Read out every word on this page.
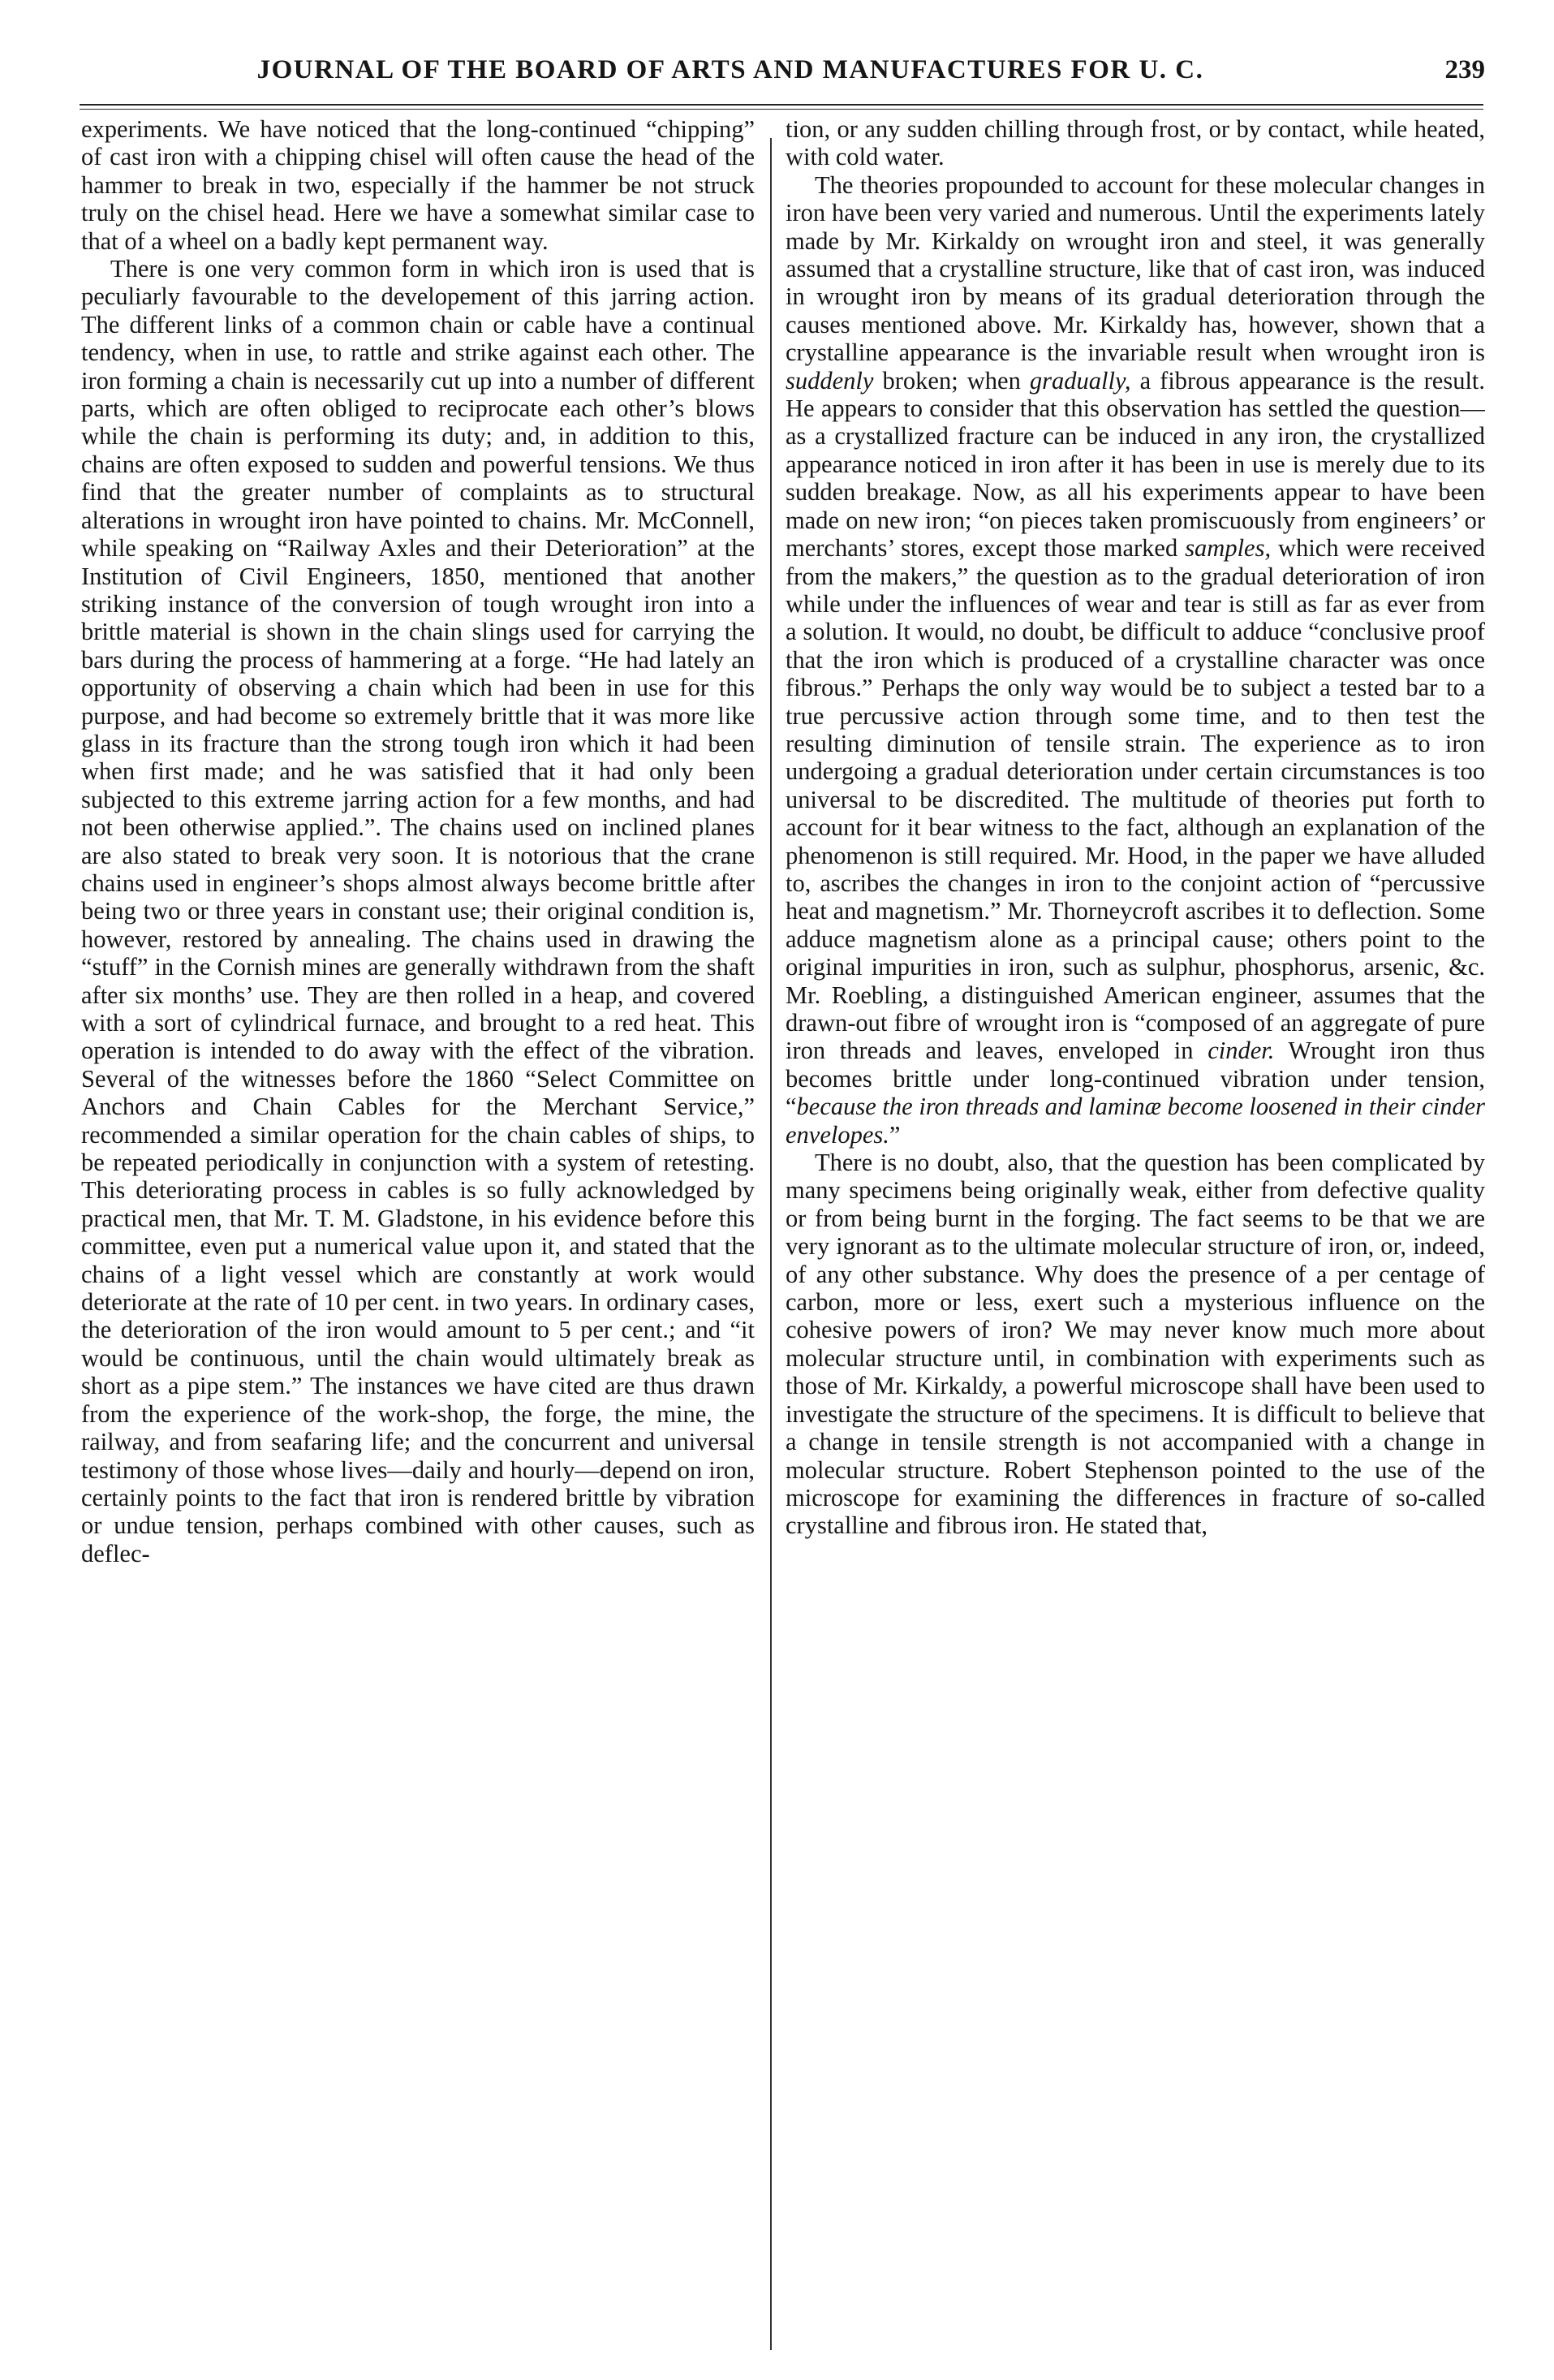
JOURNAL OF THE BOARD OF ARTS AND MANUFACTURES FOR U. C.	239

experiments. We have noticed that the long-continued “chipping” of cast iron with a chipping chisel will often cause the head of the hammer to break in two, especially if the hammer be not struck truly on the chisel head. Here we have a somewhat similar case to that of a wheel on a badly kept permanent way.

There is one very common form in which iron is used that is peculiarly favourable to the developement of this jarring action. The different links of a common chain or cable have a continual tendency, when in use, to rattle and strike against each other. The iron forming a chain is necessarily cut up into a number of different parts, which are often obliged to reciprocate each other’s blows while the chain is performing its duty; and, in addition to this, chains are often exposed to sudden and powerful tensions. We thus find that the greater number of complaints as to structural alterations in wrought iron have pointed to chains. Mr. McConnell, while speaking on “Railway Axles and their Deterioration” at the Institution of Civil Engineers, 1850, mentioned that another striking instance of the conversion of tough wrought iron into a brittle material is shown in the chain slings used for carrying the bars during the process of hammering at a forge. “He had lately an opportunity of observing a chain which had been in use for this purpose, and had become so extremely brittle that it was more like glass in its fracture than the strong tough iron which it had been when first made; and he was satisfied that it had only been subjected to this extreme jarring action for a few months, and had not been otherwise applied.”. The chains used on inclined planes are also stated to break very soon. It is notorious that the crane chains used in engineer’s shops almost always become brittle after being two or three years in constant use; their original condition is, however, restored by annealing. The chains used in drawing the “stuff” in the Cornish mines are generally withdrawn from the shaft after six months’ use. They are then rolled in a heap, and covered with a sort of cylindrical furnace, and brought to a red heat. This operation is intended to do away with the effect of the vibration. Several of the witnesses before the 1860 “Select Committee on Anchors and Chain Cables for the Merchant Service,” recommended a similar operation for the chain cables of ships, to be repeated periodically in conjunction with a system of retesting. This deteriorating process in cables is so fully acknowledged by practical men, that Mr. T. M. Gladstone, in his evidence before this committee, even put a numerical value upon it, and stated that the chains of a light vessel which are constantly at work would deteriorate at the rate of 10 per cent. in two years. In ordinary cases, the deterioration of the iron would amount to 5 per cent.; and “it would be continuous, until the chain would ultimately break as short as a pipe stem.” The instances we have cited are thus drawn from the experience of the work-shop, the forge, the mine, the railway, and from seafaring life; and the concurrent and universal testimony of those whose lives—daily and hourly—depend on iron, certainly points to the fact that iron is rendered brittle by vibration or undue tension, perhaps combined with other causes, such as deflec-

tion, or any sudden chilling through frost, or by contact, while heated, with cold water.

The theories propounded to account for these molecular changes in iron have been very varied and numerous. Until the experiments lately made by Mr. Kirkaldy on wrought iron and steel, it was generally assumed that a crystalline structure, like that of cast iron, was induced in wrought iron by means of its gradual deterioration through the causes mentioned above. Mr. Kirkaldy has, however, shown that a crystalline appearance is the invariable result when wrought iron is suddenly broken; when gradually, a fibrous appearance is the result. He appears to consider that this observation has settled the question—as a crystallized fracture can be induced in any iron, the crystallized appearance noticed in iron after it has been in use is merely due to its sudden breakage. Now, as all his experiments appear to have been made on new iron; “on pieces taken promiscuously from engineers’ or merchants’ stores, except those marked samples, which were received from the makers,” the question as to the gradual deterioration of iron while under the influences of wear and tear is still as far as ever from a solution. It would, no doubt, be difficult to adduce “conclusive proof that the iron which is produced of a crystalline character was once fibrous.” Perhaps the only way would be to subject a tested bar to a true percussive action through some time, and to then test the resulting diminution of tensile strain. The experience as to iron undergoing a gradual deterioration under certain circumstances is too universal to be discredited. The multitude of theories put forth to account for it bear witness to the fact, although an explanation of the phenomenon is still required. Mr. Hood, in the paper we have alluded to, ascribes the changes in iron to the conjoint action of “percussive heat and magnetism.” Mr. Thorneycroft ascribes it to deflection. Some adduce magnetism alone as a principal cause; others point to the original impurities in iron, such as sulphur, phosphorus, arsenic, &c. Mr. Roebling, a distinguished American engineer, assumes that the drawn-out fibre of wrought iron is “composed of an aggregate of pure iron threads and leaves, enveloped in cinder. Wrought iron thus becomes brittle under long-continued vibration under tension, “because the iron threads and laminæ become loosened in their cinder envelopes.”

There is no doubt, also, that the question has been complicated by many specimens being originally weak, either from defective quality or from being burnt in the forging. The fact seems to be that we are very ignorant as to the ultimate molecular structure of iron, or, indeed, of any other substance. Why does the presence of a per centage of carbon, more or less, exert such a mysterious influence on the cohesive powers of iron? We may never know much more about molecular structure until, in combination with experiments such as those of Mr. Kirkaldy, a powerful microscope shall have been used to investigate the structure of the specimens. It is difficult to believe that a change in tensile strength is not accompanied with a change in molecular structure. Robert Stephenson pointed to the use of the microscope for examining the differences in fracture of so-called crystalline and fibrous iron. He stated that,
